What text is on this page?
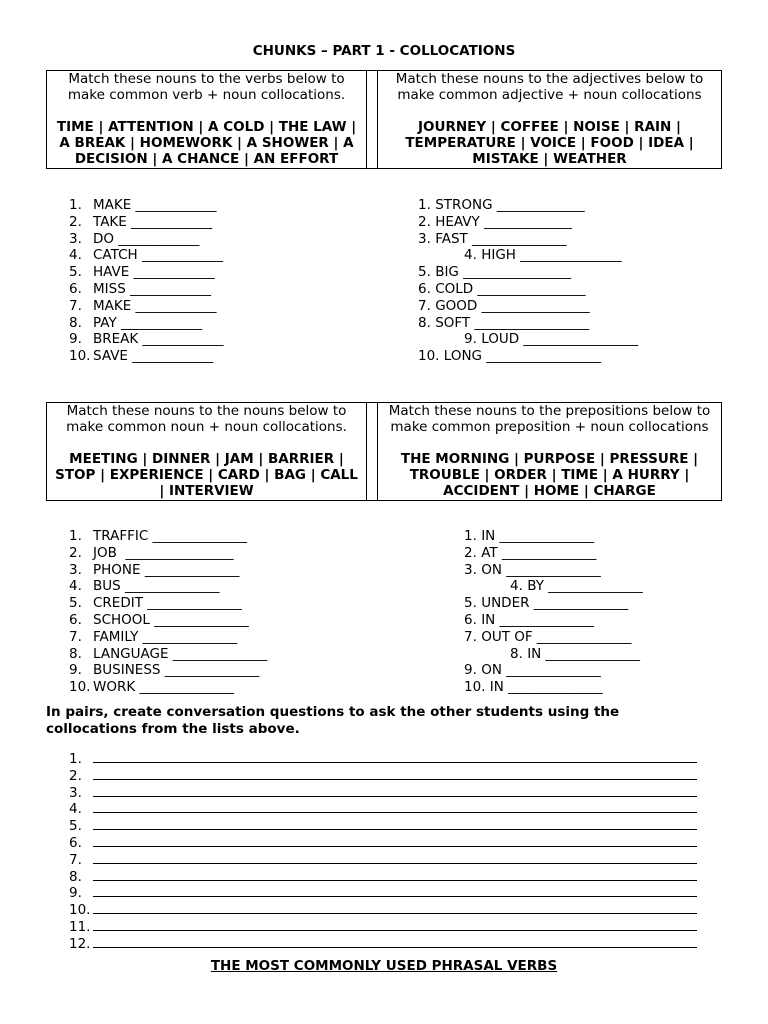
CHUNKS – PART 1 - COLLOCATIONS
Match these nouns to the verbs below to make common verb + noun collocations.
TIME | ATTENTION | A COLD | THE LAW | A BREAK | HOMEWORK | A SHOWER | A DECISION | A CHANCE | AN EFFORT

Match these nouns to the adjectives below to make common adjective + noun collocations
JOURNEY | COFFEE | NOISE | RAIN | TEMPERATURE | VOICE | FOOD | IDEA | MISTAKE | WEATHER
1. MAKE ____________
2. TAKE ____________
3. DO ____________
4. CATCH ____________
5. HAVE ____________
6. MISS ____________
7. MAKE ____________
8. PAY ____________
9. BREAK ____________
10. SAVE ____________
1. STRONG _____________
2. HEAVY _____________
3. FAST ______________
4. HIGH _______________
5. BIG ________________
6. COLD ________________
7. GOOD ________________
8. SOFT _________________
9. LOUD _________________
10. LONG _________________
Match these nouns to the nouns below to make common noun + noun collocations.
MEETING | DINNER | JAM | BARRIER | STOP | EXPERIENCE | CARD | BAG | CALL | INTERVIEW

Match these nouns to the prepositions below to make common preposition + noun collocations
THE MORNING | PURPOSE | PRESSURE | TROUBLE | ORDER | TIME | A HURRY | ACCIDENT | HOME | CHARGE
1. TRAFFIC ______________
2. JOB  ________________
3. PHONE ______________
4. BUS ______________
5. CREDIT ______________
6. SCHOOL ______________
7. FAMILY ______________
8. LANGUAGE ______________
9. BUSINESS ______________
10. WORK ______________
1. IN ______________
2. AT ______________
3. ON ______________
4. BY ______________
5. UNDER ______________
6. IN ______________
7. OUT OF ______________
8. IN ______________
9. ON ______________
10. IN ______________
In pairs, create conversation questions to ask the other students using the collocations from the lists above.
1.
2.
3.
4.
5.
6.
7.
8.
9.
10.
11.
12.
THE MOST COMMONLY USED PHRASAL VERBS
